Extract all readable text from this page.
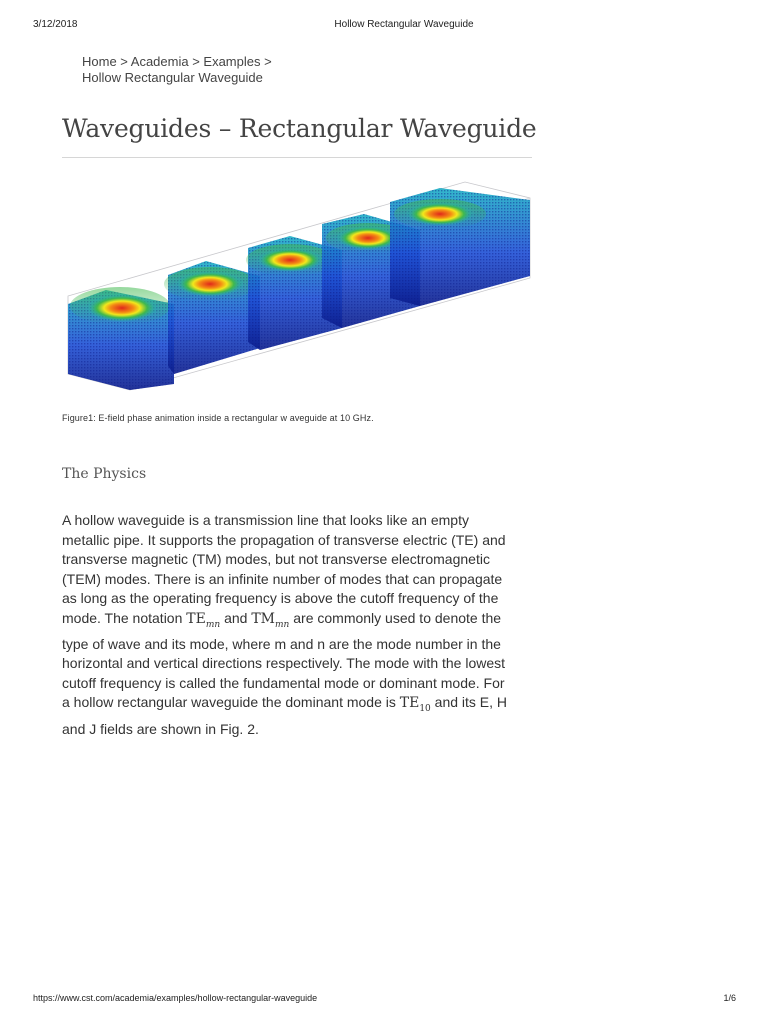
3/12/2018	Hollow Rectangular Waveguide
Home > Academia > Examples >
Hollow Rectangular Waveguide
Waveguides – Rectangular Waveguide
Figure1: E-field phase animation inside a rectangular w aveguide at 10 GHz.
The Physics
A hollow waveguide is a transmission line that looks like an empty
metallic pipe. It supports the propagation of transverse electric (TE) and
transverse magnetic (TM) modes, but not transverse electromagnetic
(TEM) modes. There is an infinite number of modes that can propagate
as long as the operating frequency is above the cutoff frequency of the
mode. The notation $TE_{mn}$ and $TM_{mn}$ are commonly used to denote the
type of wave and its mode, where m and n are the mode number in the
horizontal and vertical directions respectively. The mode with the lowest
cutoff frequency is called the fundamental mode or dominant mode. For
a hollow rectangular waveguide the dominant mode is $TE_{10}$ and its E, H
and J fields are shown in Fig. 2.
https://www.cst.com/academia/examples/hollow-rectangular-waveguide	1/6
